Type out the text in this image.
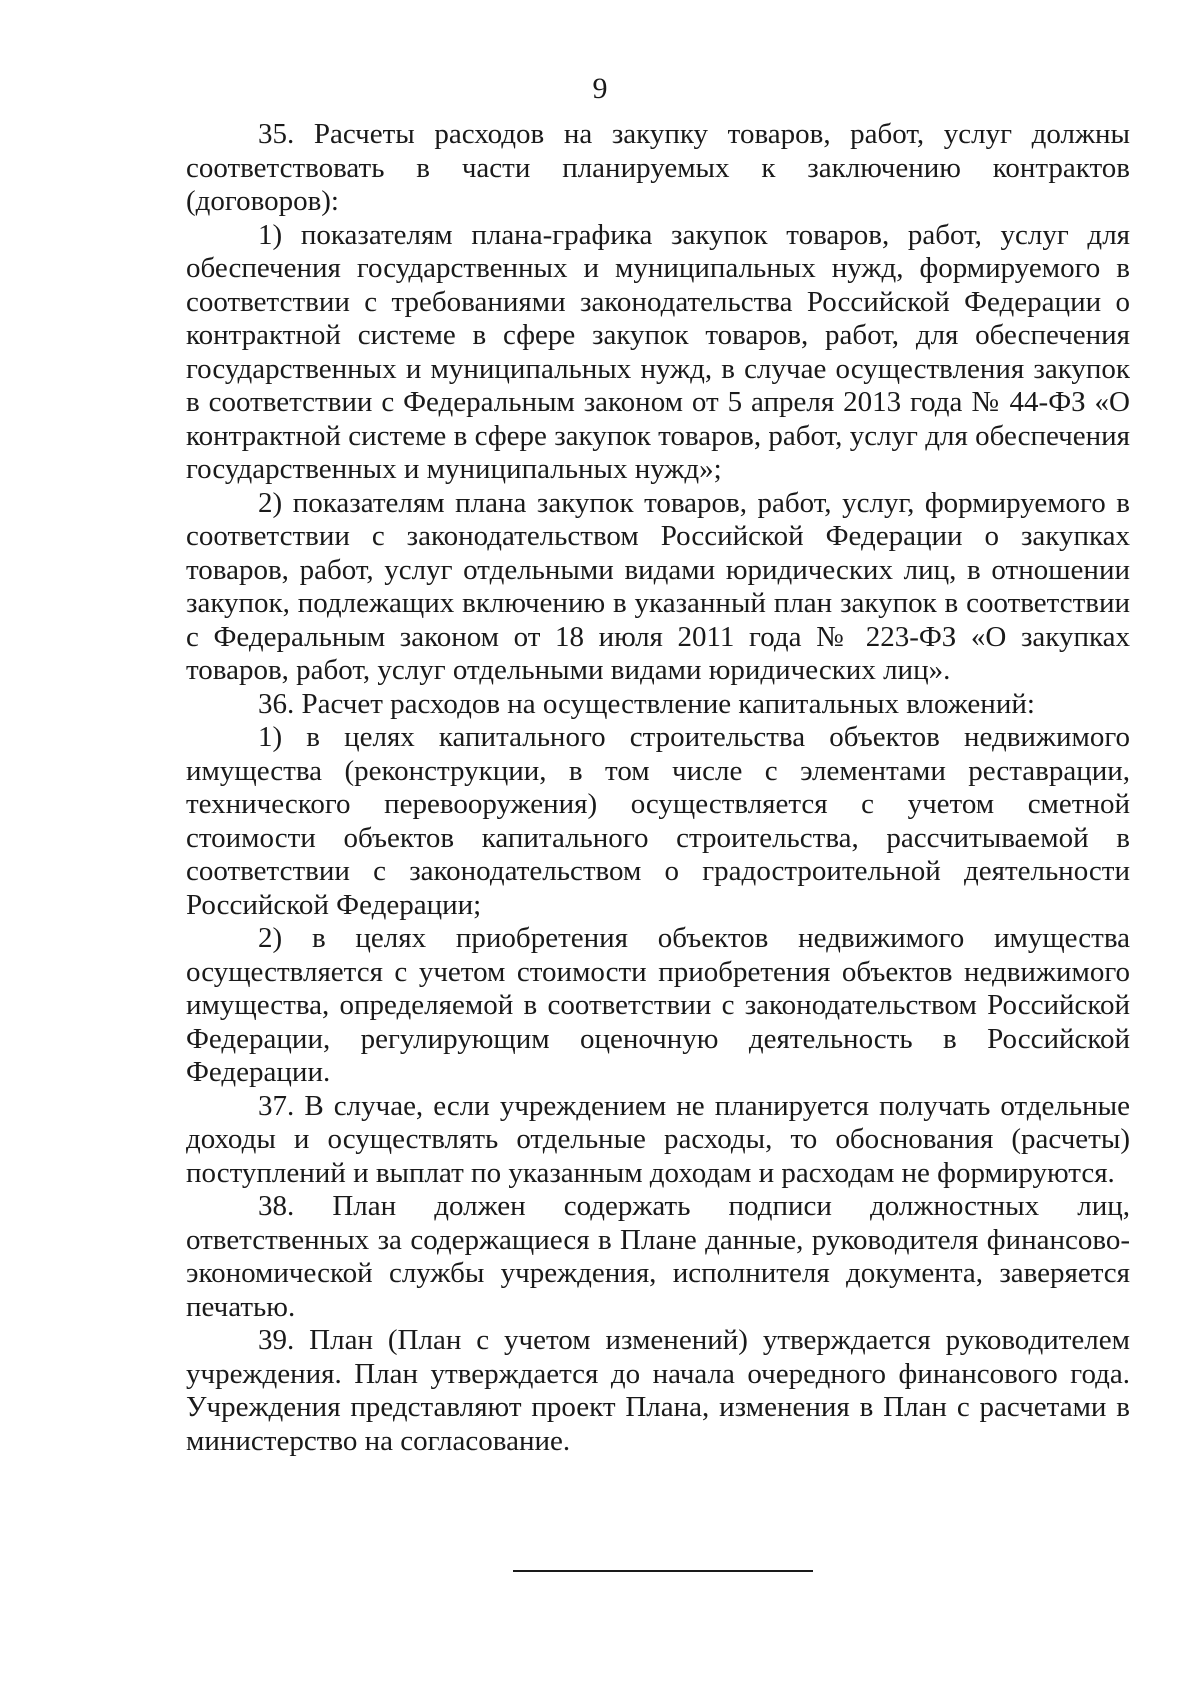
9

35. Расчеты расходов на закупку товаров, работ, услуг должны соответствовать в части планируемых к заключению контрактов (договоров):

1) показателям плана-графика закупок товаров, работ, услуг для обеспечения государственных и муниципальных нужд, формируемого в соответствии с требованиями законодательства Российской Федерации о контрактной системе в сфере закупок товаров, работ, для обеспечения государственных и муниципальных нужд, в случае осуществления закупок в соответствии с Федеральным законом от 5 апреля 2013 года № 44-ФЗ «О контрактной системе в сфере закупок товаров, работ, услуг для обеспечения государственных и муниципальных нужд»;

2) показателям плана закупок товаров, работ, услуг, формируемого в соответствии с законодательством Российской Федерации о закупках товаров, работ, услуг отдельными видами юридических лиц, в отношении закупок, подлежащих включению в указанный план закупок в соответствии с Федеральным законом от 18 июля 2011 года № 223-ФЗ «О закупках товаров, работ, услуг отдельными видами юридических лиц».

36. Расчет расходов на осуществление капитальных вложений:

1) в целях капитального строительства объектов недвижимого имущества (реконструкции, в том числе с элементами реставрации, технического перевооружения) осуществляется с учетом сметной стоимости объектов капитального строительства, рассчитываемой в соответствии с законодательством о градостроительной деятельности Российской Федерации;

2) в целях приобретения объектов недвижимого имущества осуществляется с учетом стоимости приобретения объектов недвижимого имущества, определяемой в соответствии с законодательством Российской Федерации, регулирующим оценочную деятельность в Российской Федерации.

37. В случае, если учреждением не планируется получать отдельные доходы и осуществлять отдельные расходы, то обоснования (расчеты) поступлений и выплат по указанным доходам и расходам не формируются.

38. План должен содержать подписи должностных лиц, ответственных за содержащиеся в Плане данные, руководителя финансово-экономической службы учреждения, исполнителя документа, заверяется печатью.

39. План (План с учетом изменений) утверждается руководителем учреждения. План утверждается до начала очередного финансового года. Учреждения представляют проект Плана, изменения в План с расчетами в министерство на согласование.
